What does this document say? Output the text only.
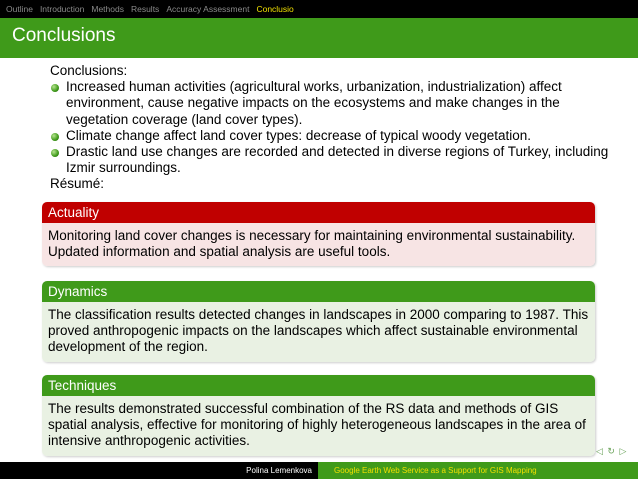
Outline Introduction Methods Results Accuracy Assessment Conclusio
Conclusions
Conclusions:
Increased human activities (agricultural works, urbanization, industrialization) affect environment, cause negative impacts on the ecosystems and make changes in the vegetation coverage (land cover types).
Climate change affect land cover types: decrease of typical woody vegetation.
Drastic land use changes are recorded and detected in diverse regions of Turkey, including Izmir surroundings.
Résumé:
Actuality
Monitoring land cover changes is necessary for maintaining environmental sustainability. Updated information and spatial analysis are useful tools.
Dynamics
The classification results detected changes in landscapes in 2000 comparing to 1987. This proved anthropogenic impacts on the landscapes which affect sustainable environmental development of the region.
Techniques
The results demonstrated successful combination of the RS data and methods of GIS spatial analysis, effective for monitoring of highly heterogeneous landscapes in the area of intensive anthropogenic activities.
◁ ↻ ▷
Polina Lemenkova	Google Earth Web Service as a Support for GIS Mapping
